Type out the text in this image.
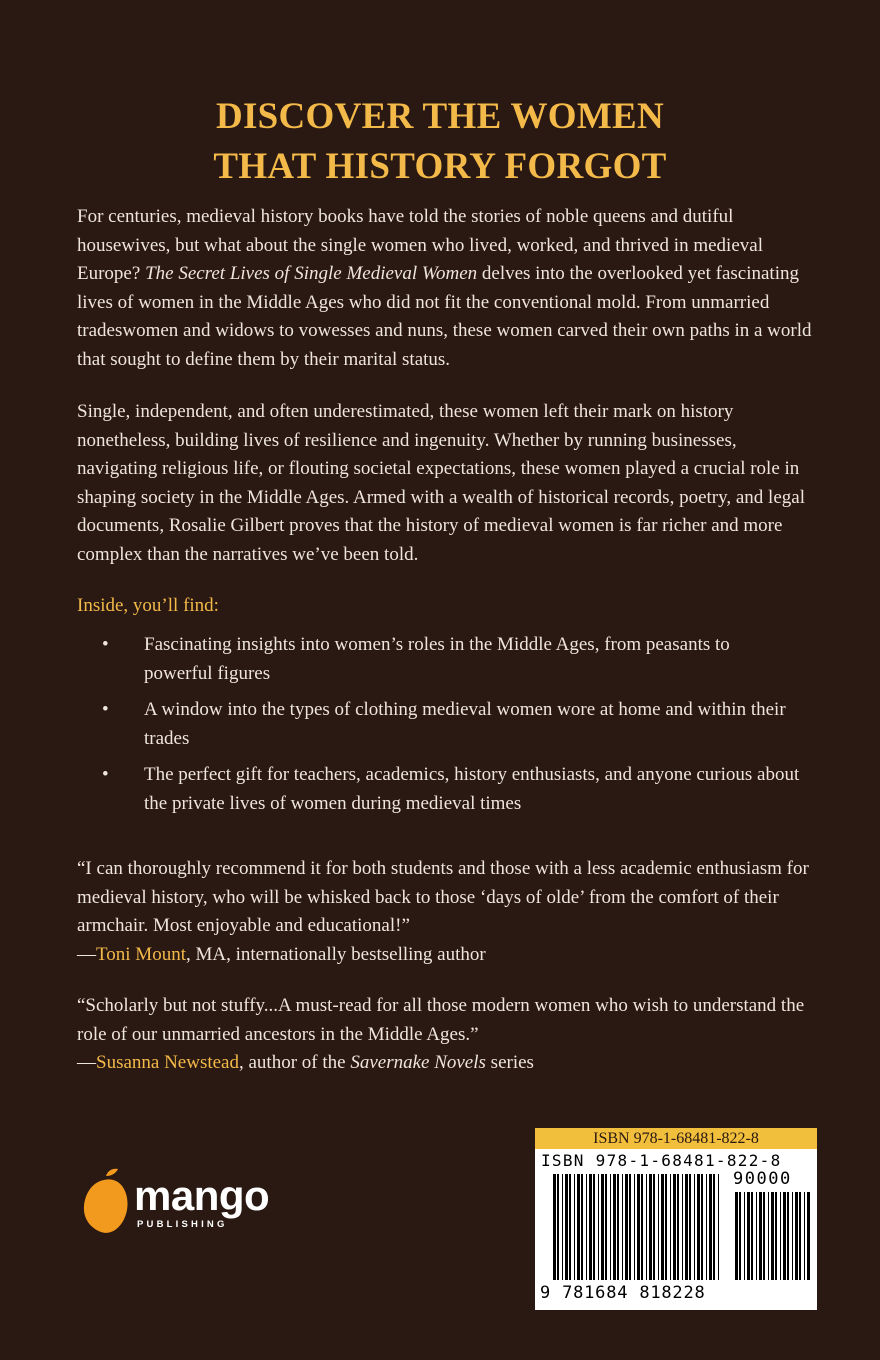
DISCOVER THE WOMEN
THAT HISTORY FORGOT

For centuries, medieval history books have told the stories of noble queens and dutiful housewives, but what about the single women who lived, worked, and thrived in medieval Europe? The Secret Lives of Single Medieval Women delves into the overlooked yet fascinating lives of women in the Middle Ages who did not fit the conventional mold. From unmarried tradeswomen and widows to vowesses and nuns, these women carved their own paths in a world that sought to define them by their marital status.

Single, independent, and often underestimated, these women left their mark on history nonetheless, building lives of resilience and ingenuity. Whether by running businesses, navigating religious life, or flouting societal expectations, these women played a crucial role in shaping society in the Middle Ages. Armed with a wealth of historical records, poetry, and legal documents, Rosalie Gilbert proves that the history of medieval women is far richer and more complex than the narratives we’ve been told.

Inside, you’ll find:
• Fascinating insights into women’s roles in the Middle Ages, from peasants to powerful figures
• A window into the types of clothing medieval women wore at home and within their trades
• The perfect gift for teachers, academics, history enthusiasts, and anyone curious about the private lives of women during medieval times
“I can thoroughly recommend it for both students and those with a less academic enthusiasm for medieval history, who will be whisked back to those ‘days of olde’ from the comfort of their armchair. Most enjoyable and educational!”
—Toni Mount, MA, internationally bestselling author
“Scholarly but not stuffy...A must-read for all those modern women who wish to understand the role of our unmarried ancestors in the Middle Ages.”
—Susanna Newstead, author of the Savernake Novels series
mango
PUBLISHING
ISBN 978-1-68481-822-8
ISBN 978-1-68481-822-8
90000
9 781684 818228
